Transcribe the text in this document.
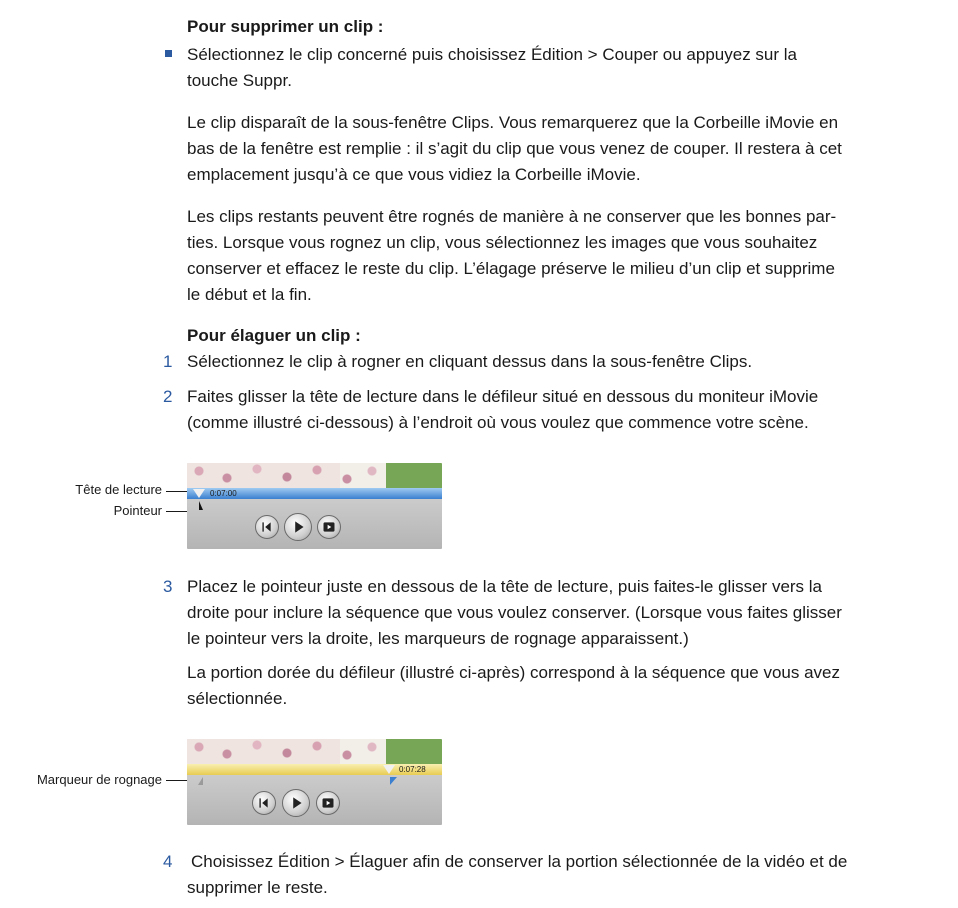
Pour supprimer un clip :
Sélectionnez le clip concerné puis choisissez Édition > Couper ou appuyez sur la
touche Suppr.
Le clip disparaît de la sous-fenêtre Clips. Vous remarquerez que la Corbeille iMovie en
bas de la fenêtre est remplie : il s’agit du clip que vous venez de couper. Il restera à cet
emplacement jusqu’à ce que vous vidiez la Corbeille iMovie.
Les clips restants peuvent être rognés de manière à ne conserver que les bonnes par-
ties. Lorsque vous rognez un clip, vous sélectionnez les images que vous souhaitez
conserver et effacez le reste du clip. L’élagage préserve le milieu d’un clip et supprime
le début et la fin.
Pour élaguer un clip :
1 Sélectionnez le clip à rogner en cliquant dessus dans la sous-fenêtre Clips.
2 Faites glisser la tête de lecture dans le défileur situé en dessous du moniteur iMovie
(comme illustré ci-dessous) à l’endroit où vous voulez que commence votre scène.
Tête de lecture
Pointeur
0:07:00
3 Placez le pointeur juste en dessous de la tête de lecture, puis faites-le glisser vers la
droite pour inclure la séquence que vous voulez conserver. (Lorsque vous faites glisser
le pointeur vers la droite, les marqueurs de rognage apparaissent.)
La portion dorée du défileur (illustré ci-après) correspond à la séquence que vous avez
sélectionnée.
Marqueur de rognage
0:07:28
4 Choisissez Édition > Élaguer afin de conserver la portion sélectionnée de la vidéo et de
supprimer le reste.
